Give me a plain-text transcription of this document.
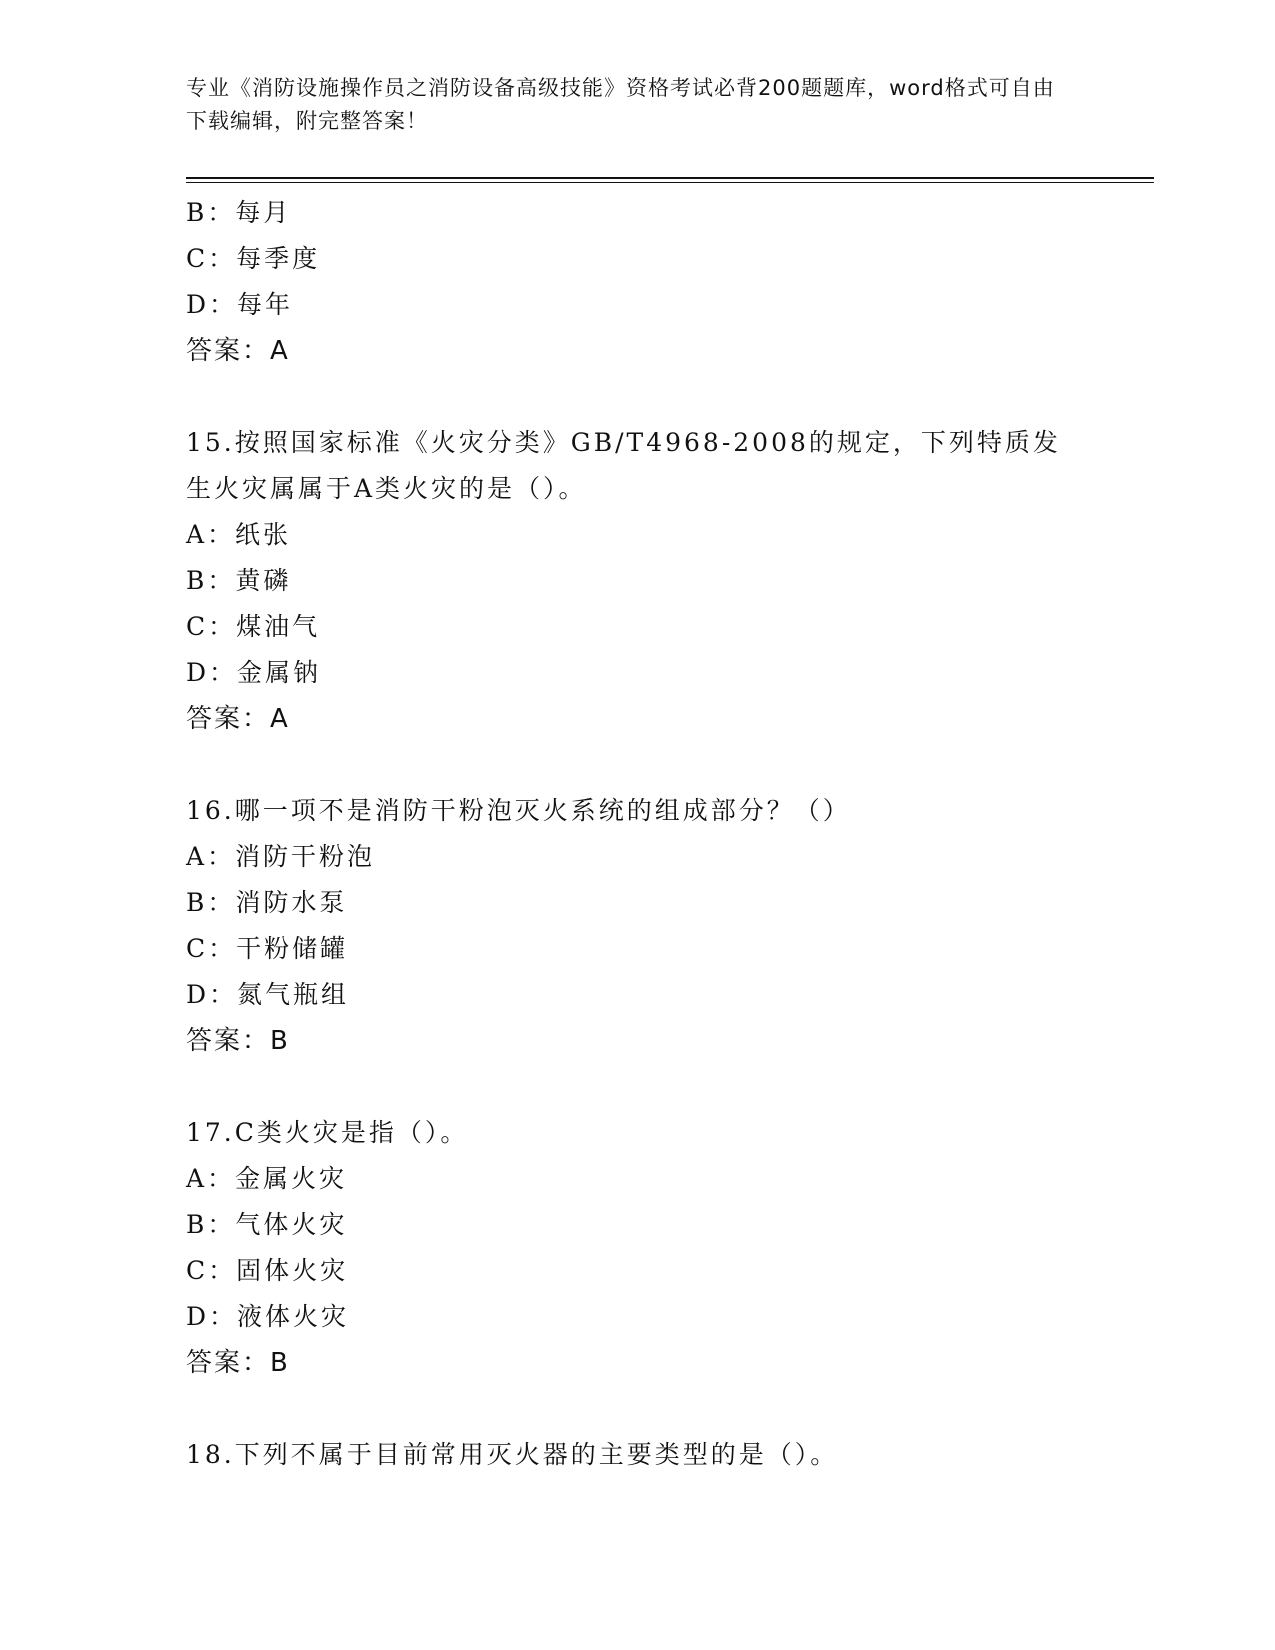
专业《消防设施操作员之消防设备高级技能》资格考试必背200题题库，word格式可自由下载编辑，附完整答案！
B：每月
C：每季度
D：每年
答案：A
15.按照国家标准《火灾分类》GB/T4968-2008的规定，下列特质发生火灾属属于A类火灾的是（）。
A：纸张
B：黄磷
C：煤油气
D：金属钠
答案：A
16.哪一项不是消防干粉泡灭火系统的组成部分？（）
A：消防干粉泡
B：消防水泵
C：干粉储罐
D：氮气瓶组
答案：B
17.C类火灾是指（）。
A：金属火灾
B：气体火灾
C：固体火灾
D：液体火灾
答案：B
18.下列不属于目前常用灭火器的主要类型的是（）。
